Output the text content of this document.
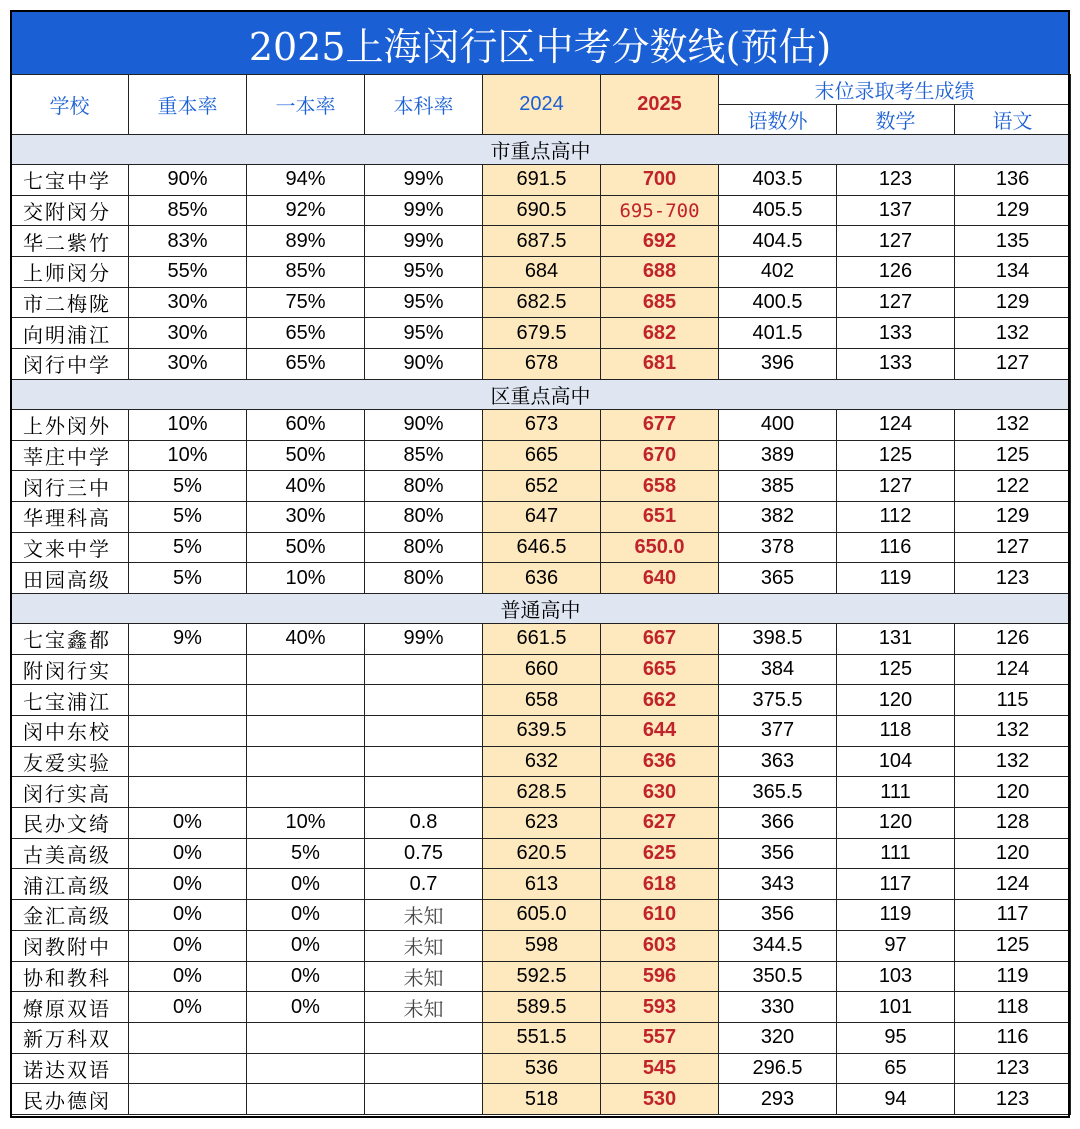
2025上海闵行区中考分数线(预估)
学校	重本率	一本率	本科率	2024	2025	末位录取考生成绩		
						语数外	数学	语文
市重点高中								
七宝中学	90%	94%	99%	691.5	700	403.5	123	136
交附闵分	85%	92%	99%	690.5	695-700	405.5	137	129
华二紫竹	83%	89%	99%	687.5	692	404.5	127	135
上师闵分	55%	85%	95%	684	688	402	126	134
市二梅陇	30%	75%	95%	682.5	685	400.5	127	129
向明浦江	30%	65%	95%	679.5	682	401.5	133	132
闵行中学	30%	65%	90%	678	681	396	133	127
区重点高中								
上外闵外	10%	60%	90%	673	677	400	124	132
莘庄中学	10%	50%	85%	665	670	389	125	125
闵行三中	5%	40%	80%	652	658	385	127	122
华理科高	5%	30%	80%	647	651	382	112	129
文来中学	5%	50%	80%	646.5	650.0	378	116	127
田园高级	5%	10%	80%	636	640	365	119	123
普通高中								
七宝鑫都	9%	40%	99%	661.5	667	398.5	131	126
附闵行实				660	665	384	125	124
七宝浦江				658	662	375.5	120	115
闵中东校				639.5	644	377	118	132
友爱实验				632	636	363	104	132
闵行实高				628.5	630	365.5	111	120
民办文绮	0%	10%	0.8	623	627	366	120	128
古美高级	0%	5%	0.75	620.5	625	356	111	120
浦江高级	0%	0%	0.7	613	618	343	117	124
金汇高级	0%	0%	未知	605.0	610	356	119	117
闵教附中	0%	0%	未知	598	603	344.5	97	125
协和教科	0%	0%	未知	592.5	596	350.5	103	119
燎原双语	0%	0%	未知	589.5	593	330	101	118
新万科双				551.5	557	320	95	116
诺达双语				536	545	296.5	65	123
民办德闵				518	530	293	94	123
